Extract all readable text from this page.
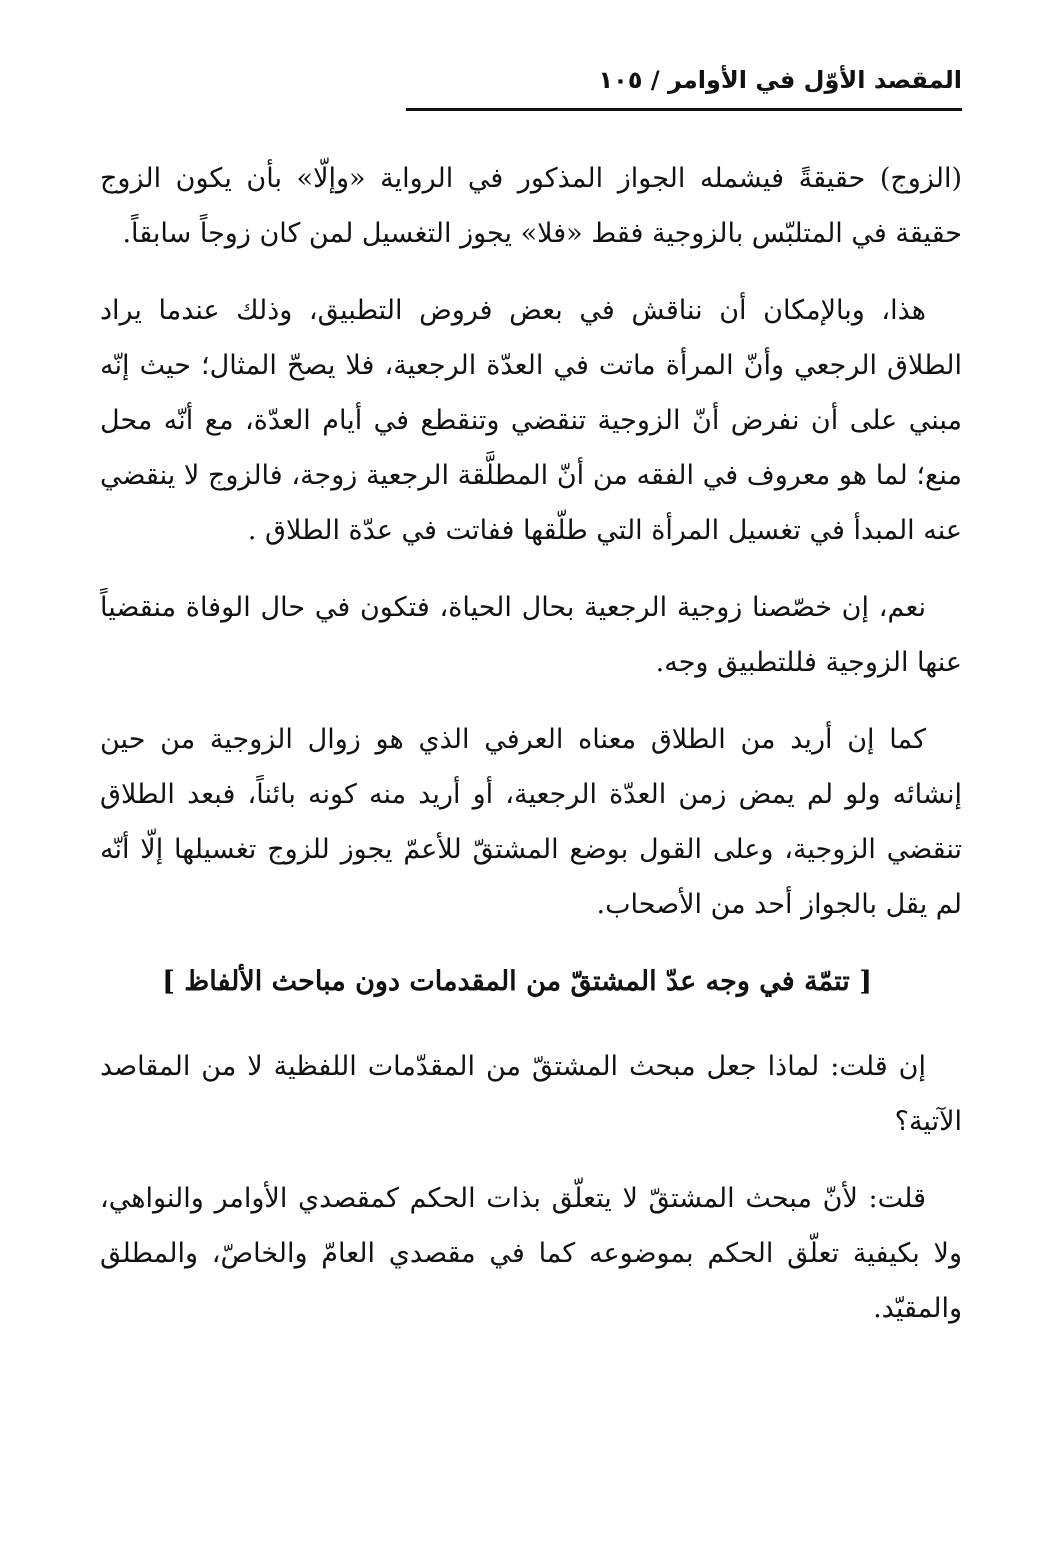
المقصد الأوّل في الأوامر / ١٠٥

(الزوج) حقيقةً فيشمله الجواز المذكور في الرواية «وإلّا» بأن يكون الزوج حقيقة في المتلبّس بالزوجية فقط «فلا» يجوز التغسيل لمن كان زوجاً سابقاً.

هذا، وبالإمكان أن نناقش في بعض فروض التطبيق، وذلك عندما يراد الطلاق الرجعي وأنّ المرأة ماتت في العدّة الرجعية، فلا يصحّ المثال؛ حيث إنّه مبني على أن نفرض أنّ الزوجية تنقضي وتنقطع في أيام العدّة، مع أنّه محل منع؛ لما هو معروف في الفقه من أنّ المطلَّقة الرجعية زوجة، فالزوج لا ينقضي عنه المبدأ في تغسيل المرأة التي طلّقها ففاتت في عدّة الطلاق .

نعم، إن خصّصنا زوجية الرجعية بحال الحياة، فتكون في حال الوفاة منقضياً عنها الزوجية فللتطبيق وجه.

كما إن أريد من الطلاق معناه العرفي الذي هو زوال الزوجية من حين إنشائه ولو لم يمض زمن العدّة الرجعية، أو أريد منه كونه بائناً، فبعد الطلاق تنقضي الزوجية، وعلى القول بوضع المشتقّ للأعمّ يجوز للزوج تغسيلها إلّا أنّه لم يقل بالجواز أحد من الأصحاب.

[ تتمّة في وجه عدّ المشتقّ من المقدمات دون مباحث الألفاظ ]

إن قلت: لماذا جعل مبحث المشتقّ من المقدّمات اللفظية لا من المقاصد الآتية؟

قلت: لأنّ مبحث المشتقّ لا يتعلّق بذات الحكم كمقصدي الأوامر والنواهي، ولا بكيفية تعلّق الحكم بموضوعه كما في مقصدي العامّ والخاصّ، والمطلق والمقيّد.
